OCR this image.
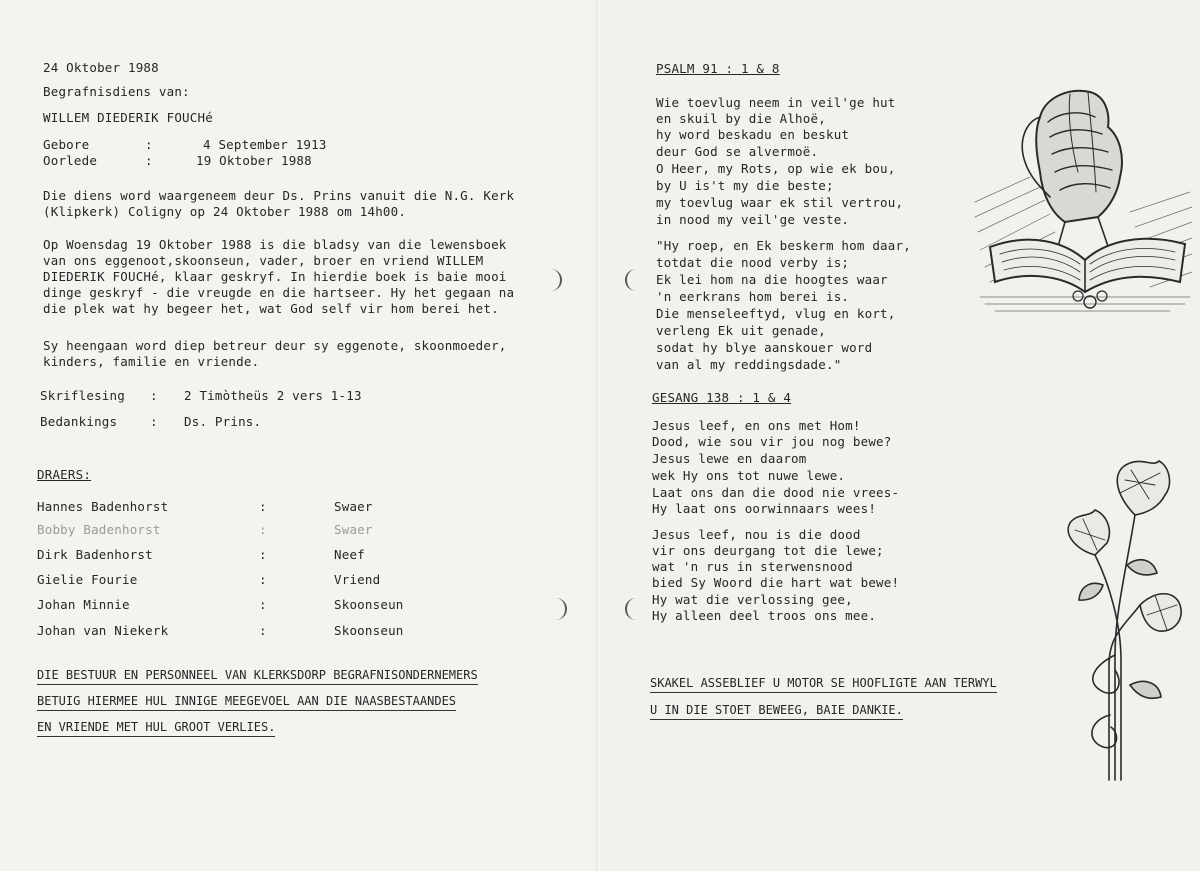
24 Oktober 1988
Begrafnisdiens van:
WILLEM DIEDERIK FOUCHé
Gebore	:	4 September 1913
Oorlede	:	19 Oktober 1988
Die diens word waargeneem deur Ds. Prins vanuit die N.G. Kerk
(Klipkerk) Coligny op 24 Oktober 1988 om 14h00.
Op Woensdag 19 Oktober 1988 is die bladsy van die lewensboek
van ons eggenoot,skoonseun, vader, broer en vriend WILLEM
DIEDERIK FOUCHé, klaar geskryf. In hierdie boek is baie mooi
dinge geskryf - die vreugde en die hartseer. Hy het gegaan na
die plek wat hy begeer het, wat God self vir hom berei het.
Sy heengaan word diep betreur deur sy eggenote, skoonmoeder,
kinders, familie en vriende.
Skriflesing : 2 Timòtheüs 2 vers 1-13
Bedankings	: Ds. Prins.
DRAERS:
Hannes Badenhorst	:	Swaer
Bobby Badenhorst	:	Swaer
Dirk Badenhorst	:	Neef
Gielie Fourie	:	Vriend
Johan Minnie	:	Skoonseun
Johan van Niekerk	:	Skoonseun
DIE BESTUUR EN PERSONNEEL VAN KLERKSDORP BEGRAFNISONDERNEMERS
BETUIG HIERMEE HUL INNIGE MEEGEVOEL AAN DIE NAASBESTAANDES
EN VRIENDE MET HUL GROOT VERLIES.
PSALM 91 : 1 & 8
Wie toevlug neem in veil'ge hut
en skuil by die Alhoë,
hy word beskadu en beskut
deur God se alvermoë.
O Heer, my Rots, op wie ek bou,
by U is't my die beste;
my toevlug waar ek stil vertrou,
in nood my veil'ge veste.
"Hy roep, en Ek beskerm hom daar,
totdat die nood verby is;
Ek lei hom na die hoogtes waar
'n eerkrans hom berei is.
Die menseleeftyd, vlug en kort,
verleng Ek uit genade,
sodat hy blye aanskouer word
van al my reddingsdade."
GESANG 138 : 1 & 4
Jesus leef, en ons met Hom!
Dood, wie sou vir jou nog bewe?
Jesus lewe en daarom
wek Hy ons tot nuwe lewe.
Laat ons dan die dood nie vrees-
Hy laat ons oorwinnaars wees!
Jesus leef, nou is die dood
vir ons deurgang tot die lewe;
wat 'n rus in sterwensnood
bied Sy Woord die hart wat bewe!
Hy wat die verlossing gee,
Hy alleen deel troos ons mee.
SKAKEL ASSEBLIEF U MOTOR SE HOOFLIGTE AAN TERWYL
U IN DIE STOET BEWEEG, BAIE DANKIE.
